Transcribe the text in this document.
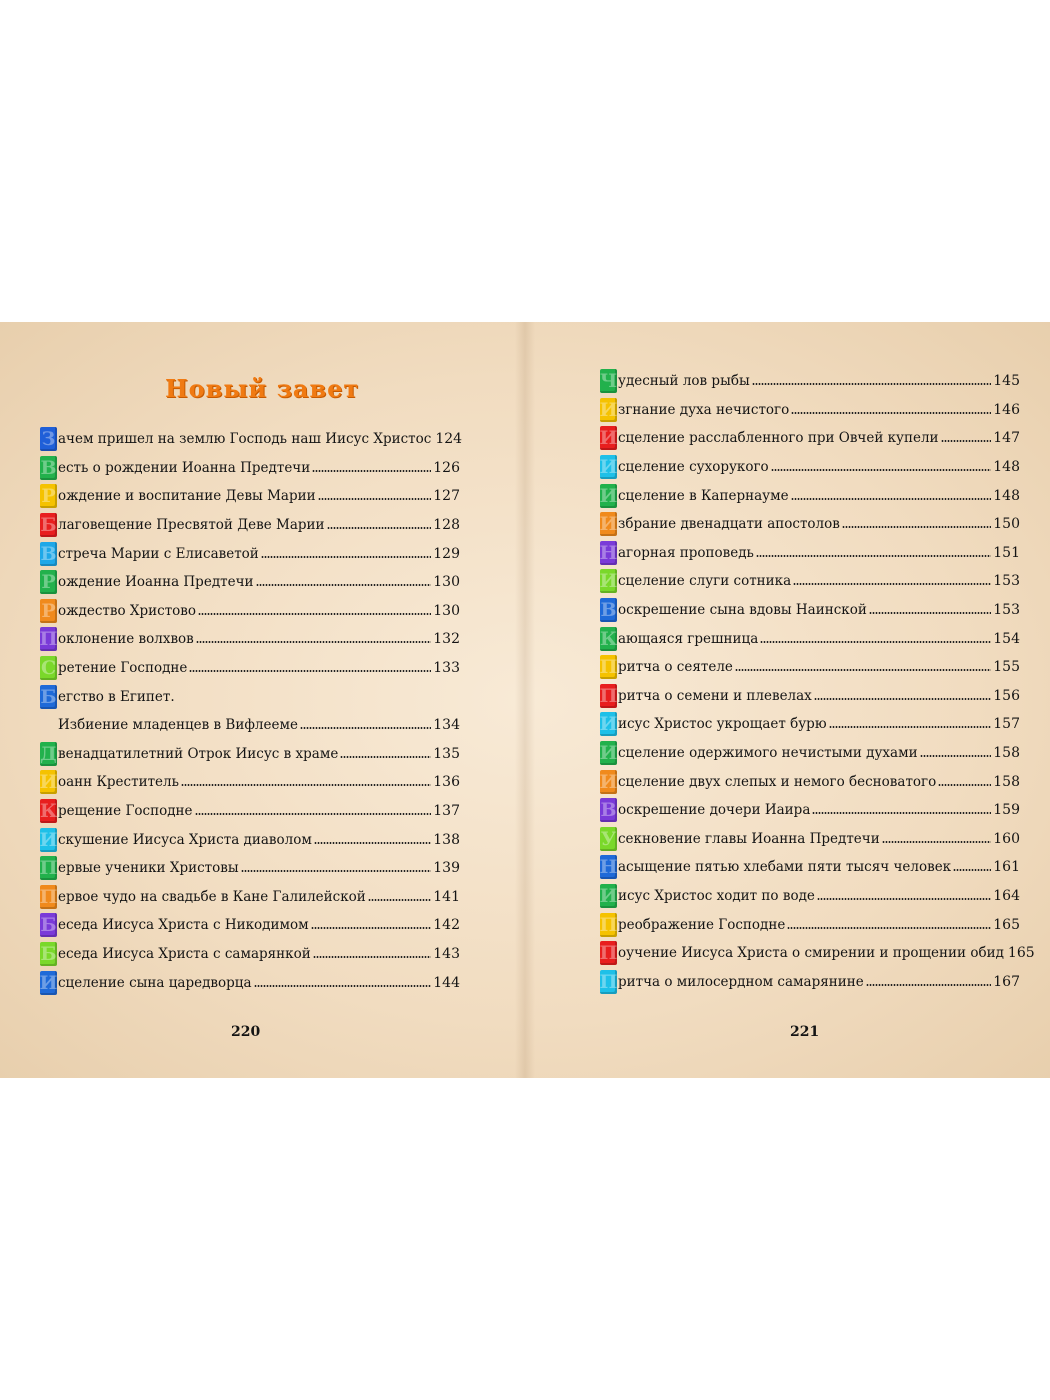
Новый завет
З ачем пришел на землю Господь наш Иисус Христос 124
В есть о рождении Иоанна Предтечи	126
Р ождение и воспитание Девы Марии	127
Б лаговещение Пресвятой Деве Марии	128
В стреча Марии с Елисаветой	129
Р ождение Иоанна Предтечи	130
Р ождество Христово	130
П оклонение волхвов	132
С ретение Господне	133
Б егство в Египет.
Избиение младенцев в Вифлееме	134
Д венадцатилетний Отрок Иисус в храме	135
И оанн Креститель	136
К рещение Господне	137
И скушение Иисуса Христа диаволом	138
П ервые ученики Христовы	139
П ервое чудо на свадьбе в Кане Галилейской	141
Б еседа Иисуса Христа с Никодимом	142
Б еседа Иисуса Христа с самарянкой	143
И сцеление сына царедворца	144
220
Ч удесный лов рыбы	145
И згнание духа нечистого	146
И сцеление расслабленного при Овчей купели	147
И сцеление сухорукого	148
И сцеление в Капернауме	148
И збрание двенадцати апостолов	150
Н агорная проповедь	151
И сцеление слуги сотника	153
В оскрешение сына вдовы Наинской	153
К ающаяся грешница	154
П ритча о сеятеле	155
П ритча о семени и плевелах	156
И исус Христос укрощает бурю	157
И сцеление одержимого нечистыми духами	158
И сцеление двух слепых и немого бесноватого	158
В оскрешение дочери Иаира	159
У секновение главы Иоанна Предтечи	160
Н асыщение пятью хлебами пяти тысяч человек	161
И исус Христос ходит по воде	164
П реображение Господне	165
П оучение Иисуса Христа о смирении и прощении обид 165
П ритча о милосердном самарянине	167
221
